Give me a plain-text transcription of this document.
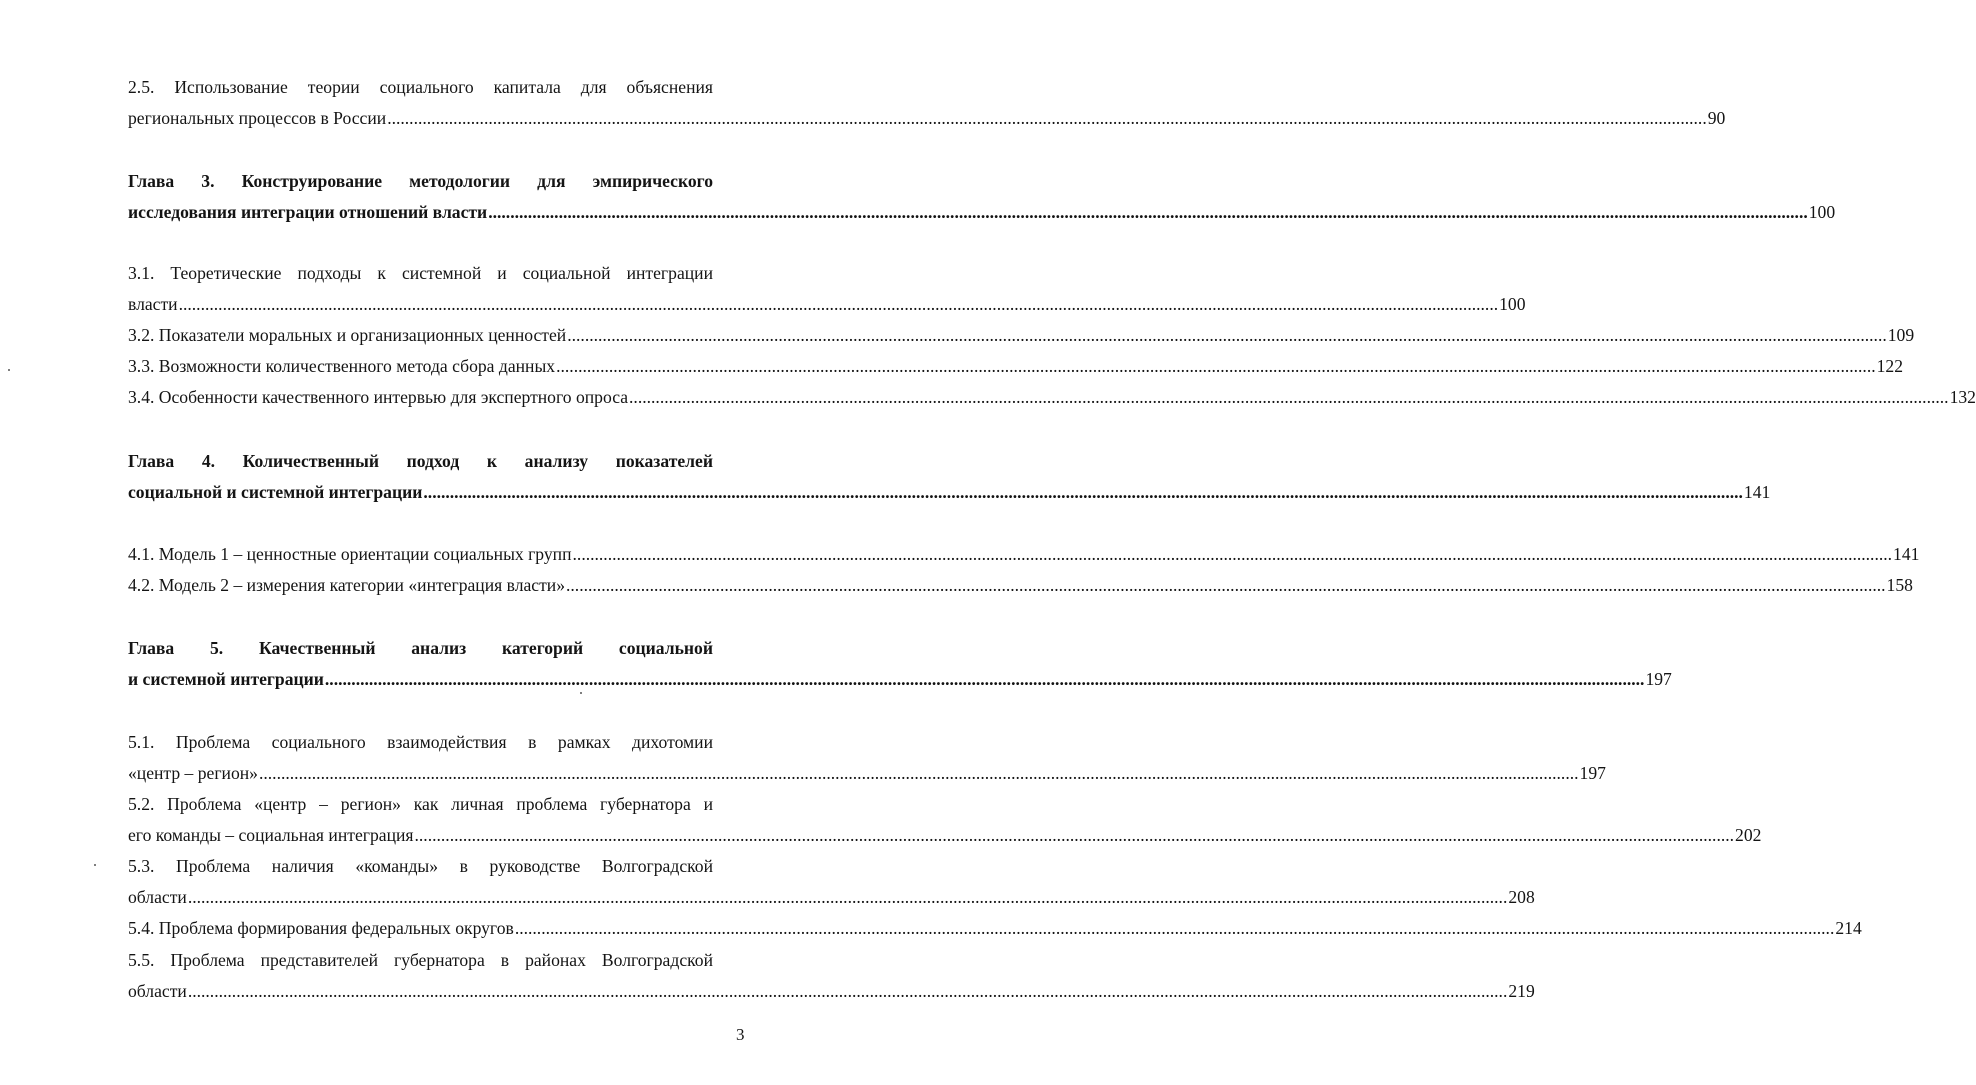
2.5. Использование теории социального капитала для объяснения
региональных процессов в России ............................................................................................................................................................................................................................................................................................................ 90
Глава 3. Конструирование методологии для эмпирического
исследования интеграции отношений власти ............................................................................................................................................................................................................................................................................................................ 100
3.1. Теоретические подходы к системной и социальной интеграции
власти ............................................................................................................................................................................................................................................................................................................ 100
3.2. Показатели моральных и организационных ценностей ............................................................................................................................................................................................................................................................................................................ 109
3.3. Возможности количественного метода сбора данных ............................................................................................................................................................................................................................................................................................................ 122
3.4. Особенности качественного интервью для экспертного опроса ............................................................................................................................................................................................................................................................................................................ 132
Глава 4. Количественный подход к анализу показателей
социальной и системной интеграции ............................................................................................................................................................................................................................................................................................................ 141
4.1. Модель 1 – ценностные ориентации социальных групп ............................................................................................................................................................................................................................................................................................................ 141
4.2. Модель 2 – измерения категории «интеграция власти» ............................................................................................................................................................................................................................................................................................................ 158
Глава 5. Качественный анализ категорий социальной
и системной интеграции ............................................................................................................................................................................................................................................................................................................ 197
5.1. Проблема социального взаимодействия в рамках дихотомии
«центр – регион» ............................................................................................................................................................................................................................................................................................................ 197
5.2. Проблема «центр – регион» как личная проблема губернатора и
его команды – социальная интеграция ............................................................................................................................................................................................................................................................................................................ 202
5.3. Проблема наличия «команды» в руководстве Волгоградской
области ............................................................................................................................................................................................................................................................................................................ 208
5.4. Проблема формирования федеральных округов ............................................................................................................................................................................................................................................................................................................ 214
5.5. Проблема представителей губернатора в районах Волгоградской
области ............................................................................................................................................................................................................................................................................................................ 219
3
